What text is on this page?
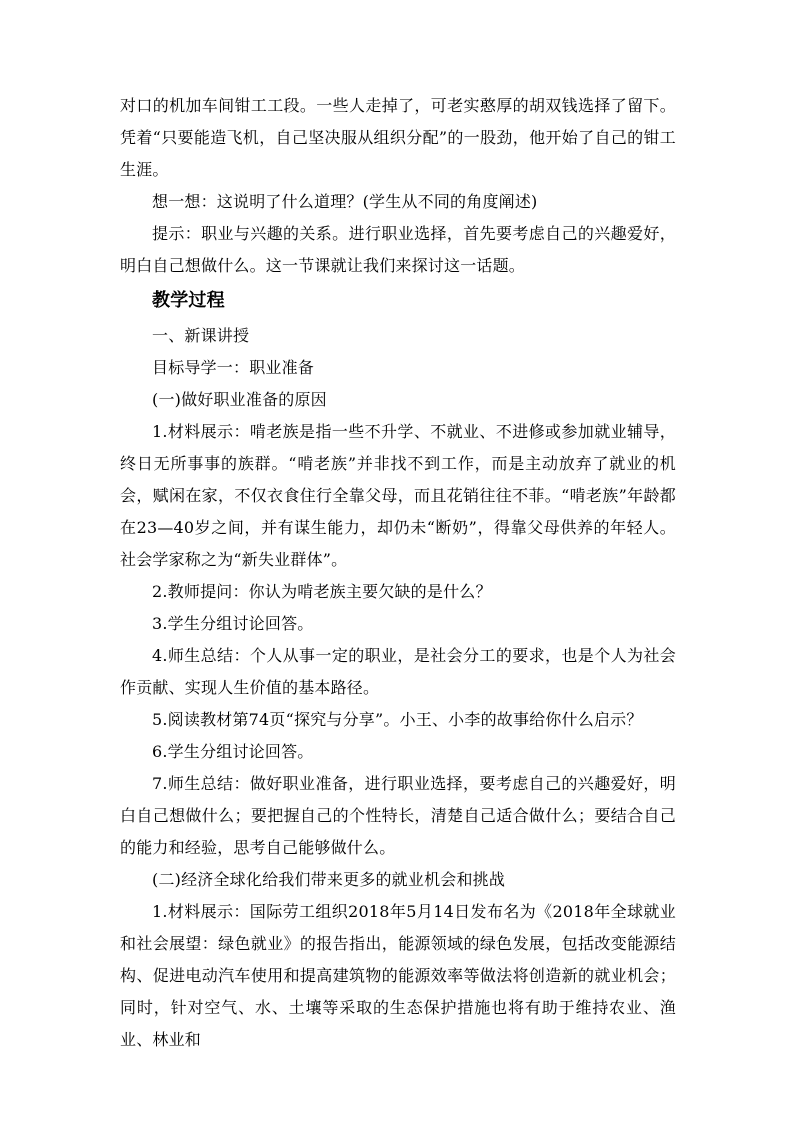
对口的机加车间钳工工段。一些人走掉了，可老实憨厚的胡双钱选择了留下。凭着“只要能造飞机，自己坚决服从组织分配”的一股劲，他开始了自己的钳工生涯。

想一想：这说明了什么道理？(学生从不同的角度阐述)

提示：职业与兴趣的关系。进行职业选择，首先要考虑自己的兴趣爱好，明白自己想做什么。这一节课就让我们来探讨这一话题。

教学过程

一、新课讲授

目标导学一：职业准备

(一)做好职业准备的原因

1.材料展示：啃老族是指一些不升学、不就业、不进修或参加就业辅导，终日无所事事的族群。“啃老族”并非找不到工作，而是主动放弃了就业的机会，赋闲在家，不仅衣食住行全靠父母，而且花销往往不菲。“啃老族”年龄都在23—40岁之间，并有谋生能力，却仍未“断奶”，得靠父母供养的年轻人。社会学家称之为“新失业群体”。

2.教师提问：你认为啃老族主要欠缺的是什么？

3.学生分组讨论回答。

4.师生总结：个人从事一定的职业，是社会分工的要求，也是个人为社会作贡献、实现人生价值的基本路径。

5.阅读教材第74页“探究与分享”。小王、小李的故事给你什么启示？

6.学生分组讨论回答。

7.师生总结：做好职业准备，进行职业选择，要考虑自己的兴趣爱好，明白自己想做什么；要把握自己的个性特长，清楚自己适合做什么；要结合自己的能力和经验，思考自己能够做什么。

(二)经济全球化给我们带来更多的就业机会和挑战

1.材料展示：国际劳工组织2018年5月14日发布名为《2018年全球就业和社会展望：绿色就业》的报告指出，能源领域的绿色发展，包括改变能源结构、促进电动汽车使用和提高建筑物的能源效率等做法将创造新的就业机会；同时，针对空气、水、土壤等采取的生态保护措施也将有助于维持农业、渔业、林业和
